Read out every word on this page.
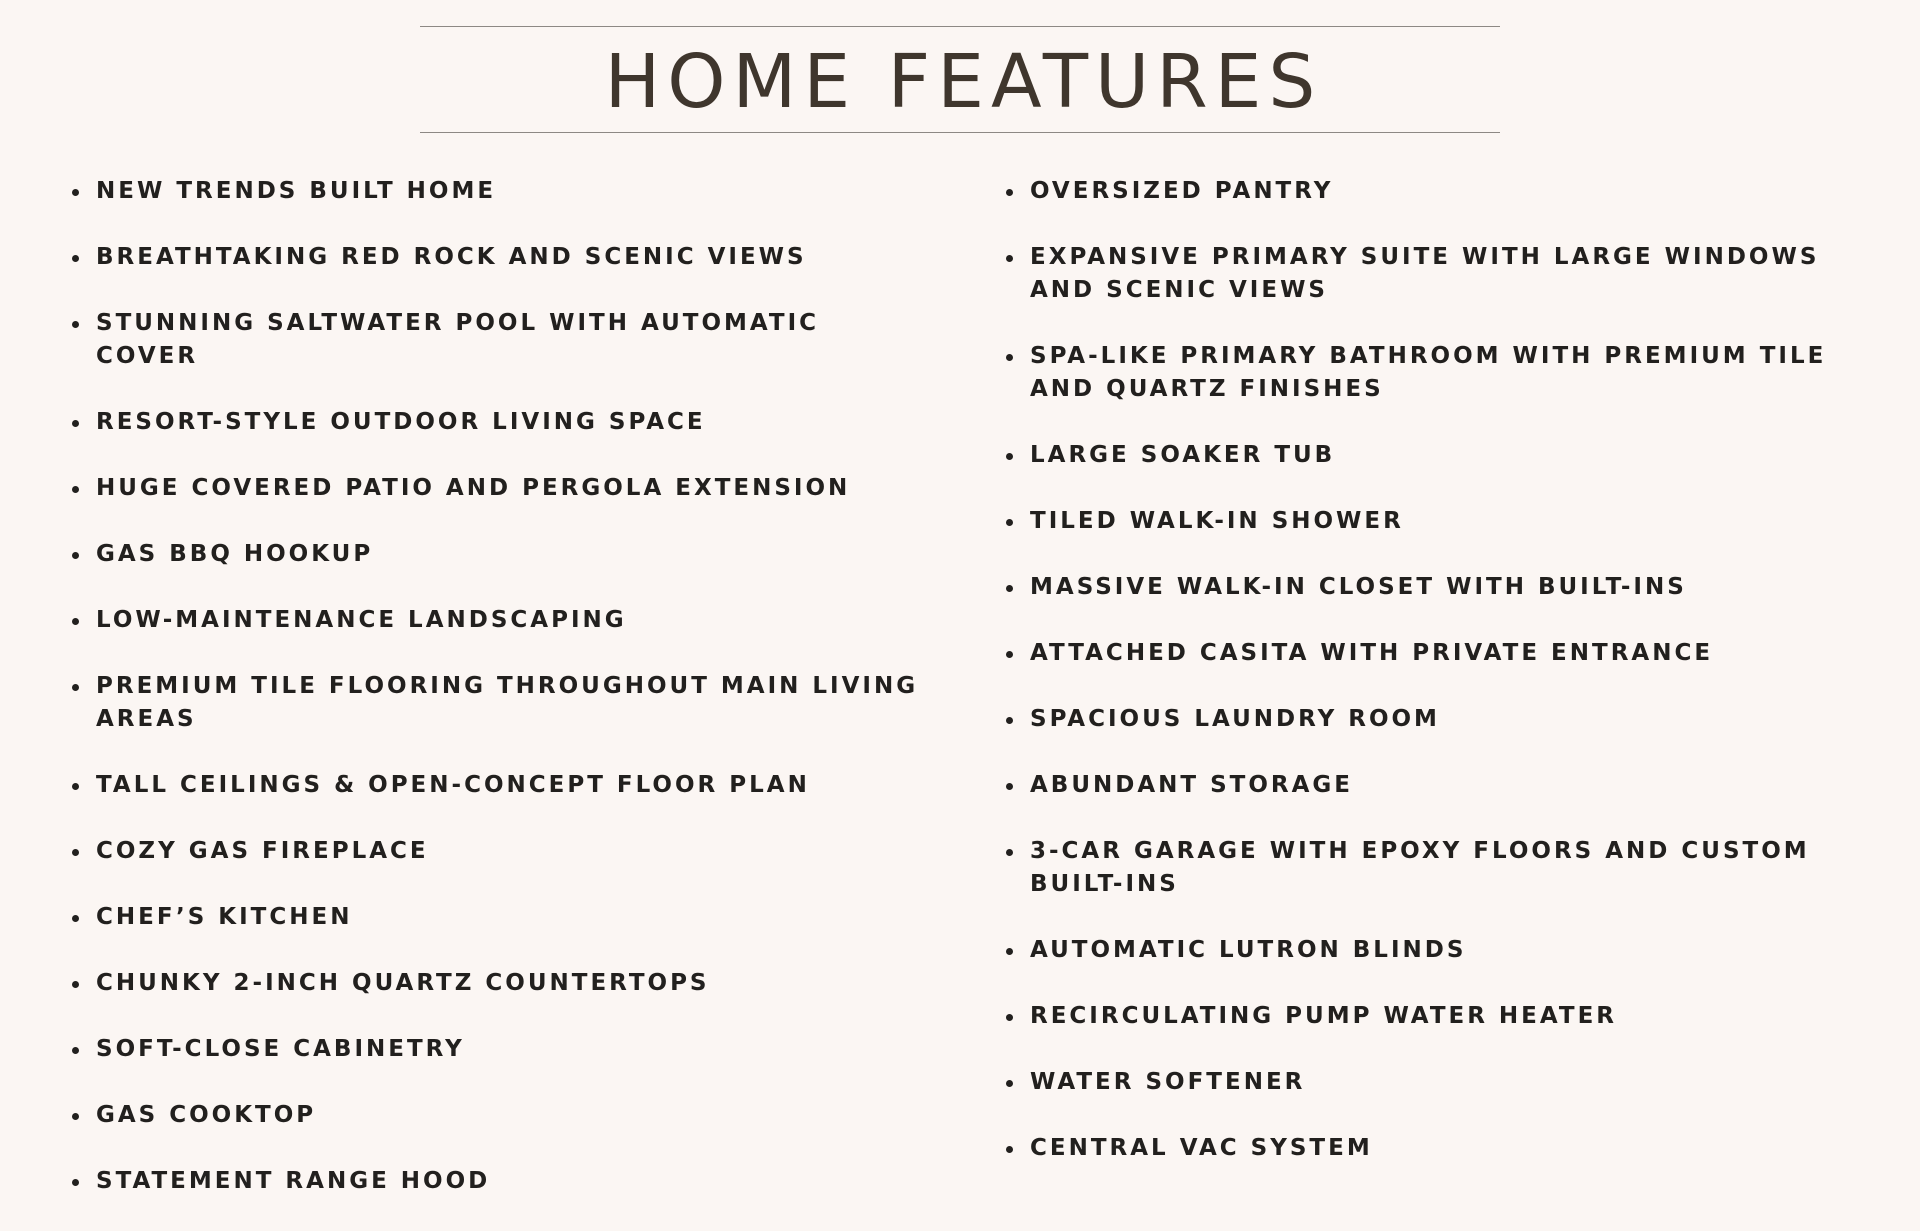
HOME FEATURES
NEW TRENDS BUILT HOME
BREATHTAKING RED ROCK AND SCENIC VIEWS
STUNNING SALTWATER POOL WITH AUTOMATIC COVER
RESORT-STYLE OUTDOOR LIVING SPACE
HUGE COVERED PATIO AND PERGOLA EXTENSION
GAS BBQ HOOKUP
LOW-MAINTENANCE LANDSCAPING
PREMIUM TILE FLOORING THROUGHOUT MAIN LIVING AREAS
TALL CEILINGS & OPEN-CONCEPT FLOOR PLAN
COZY GAS FIREPLACE
CHEF’S KITCHEN
CHUNKY 2-INCH QUARTZ COUNTERTOPS
SOFT-CLOSE CABINETRY
GAS COOKTOP
STATEMENT RANGE HOOD
OVERSIZED PANTRY
EXPANSIVE PRIMARY SUITE WITH LARGE WINDOWS AND SCENIC VIEWS
SPA-LIKE PRIMARY BATHROOM WITH PREMIUM TILE AND QUARTZ FINISHES
LARGE SOAKER TUB
TILED WALK-IN SHOWER
MASSIVE WALK-IN CLOSET WITH BUILT-INS
ATTACHED CASITA WITH PRIVATE ENTRANCE
SPACIOUS LAUNDRY ROOM
ABUNDANT STORAGE
3-CAR GARAGE WITH EPOXY FLOORS AND CUSTOM BUILT-INS
AUTOMATIC LUTRON BLINDS
RECIRCULATING PUMP WATER HEATER
WATER SOFTENER
CENTRAL VAC SYSTEM
